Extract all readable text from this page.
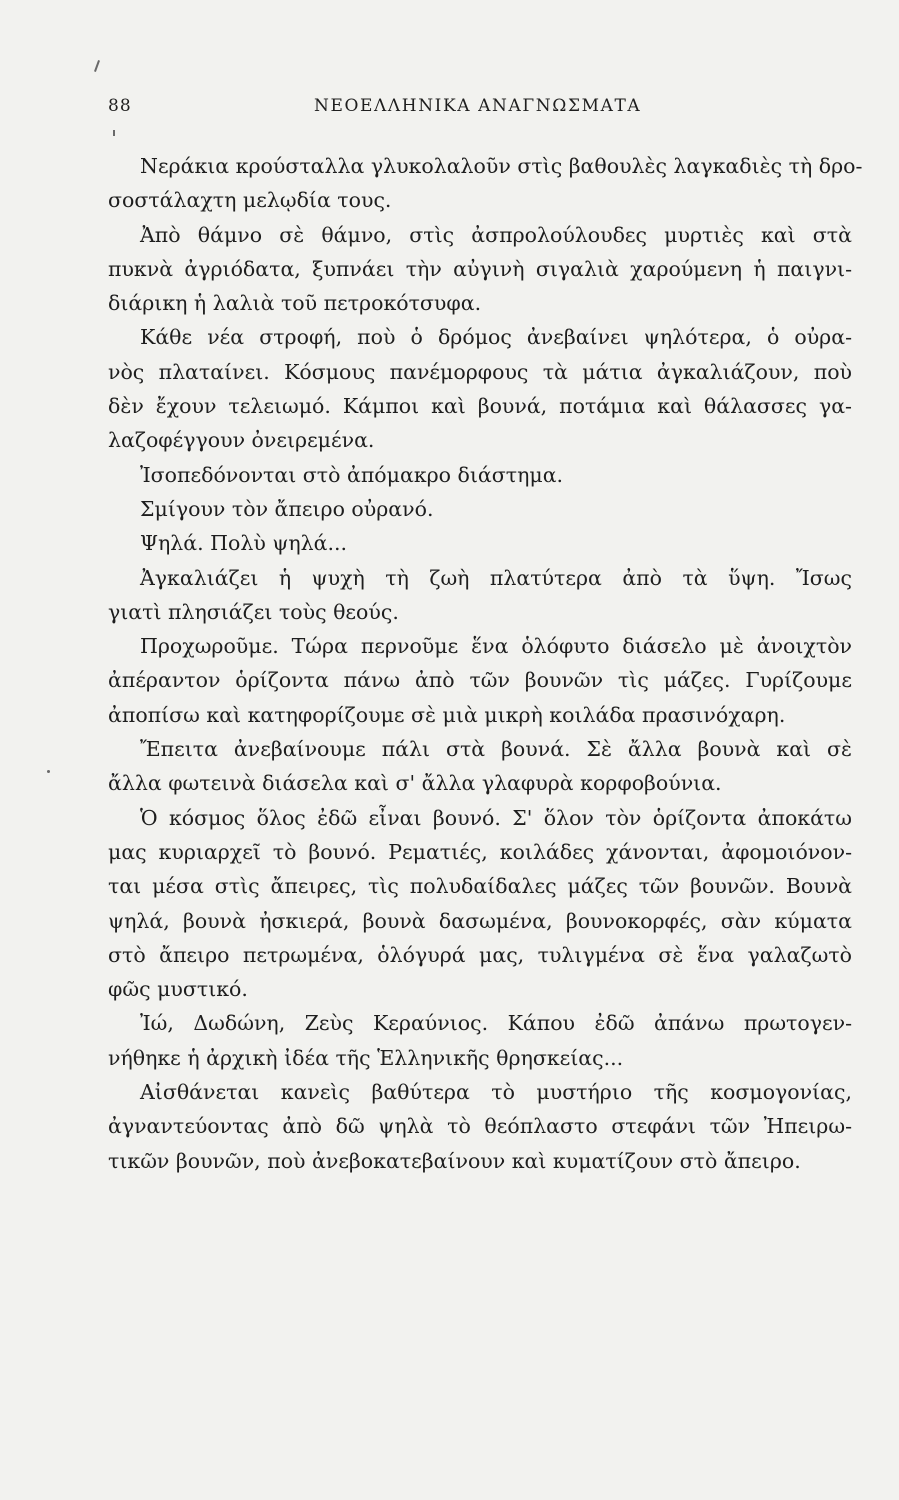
88	ΝΕΟΕΛΛΗΝΙΚΑ ΑΝΑΓΝΩΣΜΑΤΑ

Νεράκια κρούσταλλα γλυκολαλοῦν στὶς βαθουλὲς λαγκαδιὲς τὴ δρο-
σοστάλαχτη μελῳδία τους.

Ἀπὸ θάμνο σὲ θάμνο, στὶς ἀσπρολούλουδες μυρτιὲς καὶ στὰ
πυκνὰ ἀγριόδατα, ξυπνάει τὴν αὐγινὴ σιγαλιὰ χαρούμενη ἡ παιγνι-
διάρικη ἡ λαλιὰ τοῦ πετροκότσυφα.

Κάθε νέα στροφή, ποὺ ὁ δρόμος ἀνεβαίνει ψηλότερα, ὁ οὐρα-
νὸς πλαταίνει. Κόσμους πανέμορφους τὰ μάτια ἀγκαλιάζουν, ποὺ
δὲν ἔχουν τελειωμό. Κάμποι καὶ βουνά, ποτάμια καὶ θάλασσες γα-
λαζοφέγγουν ὀνειρεμένα.

Ἰσοπεδόνονται στὸ ἀπόμακρο διάστημα.

Σμίγουν τὸν ἄπειρο οὐρανό.

Ψηλά. Πολὺ ψηλά...

Ἀγκαλιάζει ἡ ψυχὴ τὴ ζωὴ πλατύτερα ἀπὸ τὰ ὕψη. Ἴσως
γιατὶ πλησιάζει τοὺς θεούς.

Προχωροῦμε. Τώρα περνοῦμε ἕνα ὁλόφυτο διάσελο μὲ ἀνοιχτὸν
ἀπέραντον ὁρίζοντα πάνω ἀπὸ τῶν βουνῶν τὶς μάζες. Γυρίζουμε
ἀποπίσω καὶ κατηφορίζουμε σὲ μιὰ μικρὴ κοιλάδα πρασινόχαρη.

Ἔπειτα ἀνεβαίνουμε πάλι στὰ βουνά. Σὲ ἄλλα βουνὰ καὶ σὲ
ἄλλα φωτεινὰ διάσελα καὶ σ' ἄλλα γλαφυρὰ κορφοβούνια.

Ὁ κόσμος ὅλος ἐδῶ εἶναι βουνό. Σ' ὅλον τὸν ὁρίζοντα ἀποκάτω
μας κυριαρχεῖ τὸ βουνό. Ρεματιές, κοιλάδες χάνονται, ἀφομοιόνον-
ται μέσα στὶς ἄπειρες, τὶς πολυδαίδαλες μάζες τῶν βουνῶν. Βουνὰ
ψηλά, βουνὰ ἠσκιερά, βουνὰ δασωμένα, βουνοκορφές, σὰν κύματα
στὸ ἄπειρο πετρωμένα, ὁλόγυρά μας, τυλιγμένα σὲ ἕνα γαλαζωτὸ
φῶς μυστικό.

Ἰώ, Δωδώνη, Ζεὺς Κεραύνιος. Κάπου ἐδῶ ἀπάνω πρωτογεν-
νήθηκε ἡ ἀρχικὴ ἰδέα τῆς Ἑλληνικῆς θρησκείας...

Αἰσθάνεται κανεὶς βαθύτερα τὸ μυστήριο τῆς κοσμογονίας,
ἀγναντεύοντας ἀπὸ δῶ ψηλὰ τὸ θεόπλαστο στεφάνι τῶν Ἠπειρω-
τικῶν βουνῶν, ποὺ ἀνεβοκατεβαίνουν καὶ κυματίζουν στὸ ἄπειρο.
